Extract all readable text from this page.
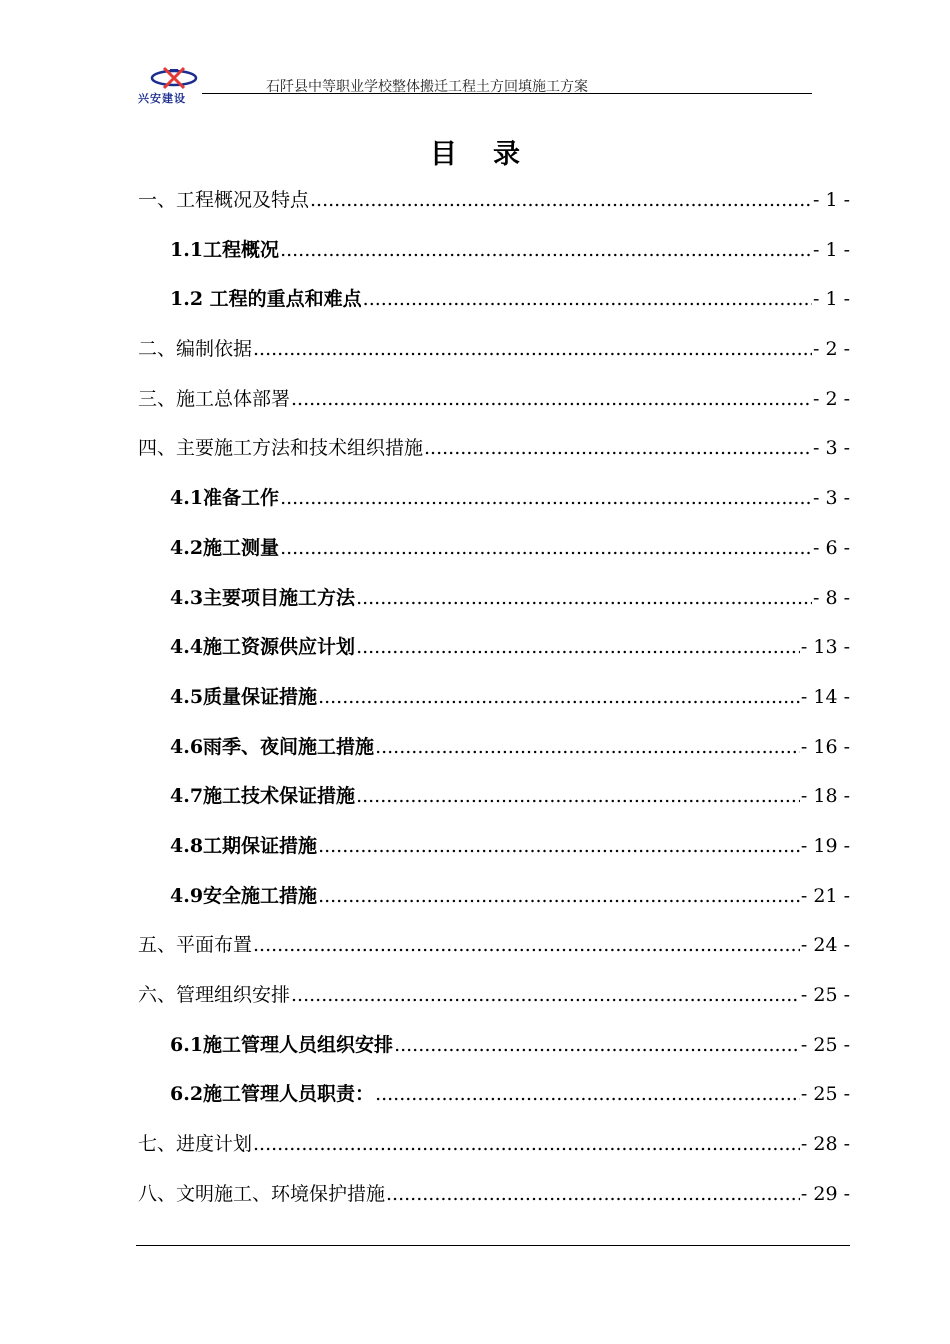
兴安建设
石阡县中等职业学校整体搬迁工程土方回填施工方案
目录
一、工程概况及特点 .....	- 1 -
1.1工程概况 .....	- 1 -
1.2 工程的重点和难点 .....	- 1 -
二、编制依据 .....	- 2 -
三、施工总体部署 .....	- 2 -
四、主要施工方法和技术组织措施 .....	- 3 -
4.1准备工作 .....	- 3 -
4.2施工测量 .....	- 6 -
4.3主要项目施工方法 .....	- 8 -
4.4施工资源供应计划 .....	- 13 -
4.5质量保证措施 .....	- 14 -
4.6雨季、夜间施工措施 .....	- 16 -
4.7施工技术保证措施 .....	- 18 -
4.8工期保证措施 .....	- 19 -
4.9安全施工措施 .....	- 21 -
五、平面布置 .....	- 24 -
六、管理组织安排 .....	- 25 -
6.1施工管理人员组织安排 .....	- 25 -
6.2施工管理人员职责： .....	- 25 -
七、进度计划 .....	- 28 -
八、文明施工、环境保护措施 .....	- 29 -
